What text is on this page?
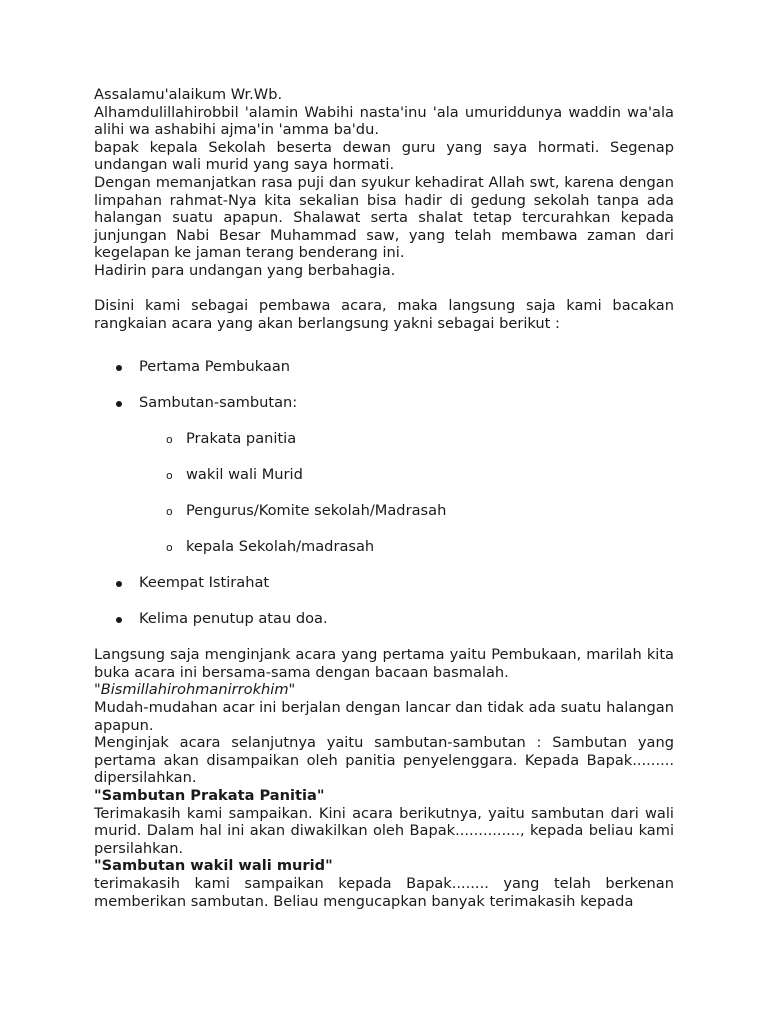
Assalamu'alaikum Wr.Wb.

Alhamdulillahirobbil 'alamin Wabihi nasta'inu 'ala umuriddunya waddin wa'ala alihi wa ashabihi ajma'in 'amma ba'du.

bapak kepala Sekolah beserta dewan guru yang saya hormati. Segenap undangan wali murid yang saya hormati.

Dengan memanjatkan rasa puji dan syukur kehadirat Allah swt, karena dengan limpahan rahmat-Nya kita sekalian bisa hadir di gedung sekolah tanpa ada halangan suatu apapun. Shalawat serta shalat tetap tercurahkan kepada junjungan Nabi Besar Muhammad saw, yang telah membawa zaman dari kegelapan ke jaman terang benderang ini.

Hadirin para undangan yang berbahagia.

Disini kami sebagai pembawa acara, maka langsung saja kami bacakan rangkaian acara yang akan berlangsung yakni sebagai berikut :

Pertama Pembukaan
Sambutan-sambutan:
o Prakata panitia
o wakil wali Murid
o Pengurus/Komite sekolah/Madrasah
o kepala Sekolah/madrasah
Keempat Istirahat
Kelima penutup atau doa.

Langsung saja menginjank acara yang pertama yaitu Pembukaan, marilah kita buka acara ini bersama-sama dengan bacaan basmalah.

"Bismillahirohmanirrokhim"

Mudah-mudahan acar ini berjalan dengan lancar dan tidak ada suatu halangan apapun.

Menginjak acara selanjutnya yaitu sambutan-sambutan : Sambutan yang pertama akan disampaikan oleh panitia penyelenggara. Kepada Bapak......... dipersilahkan.

"Sambutan Prakata Panitia"

Terimakasih kami sampaikan. Kini acara berikutnya, yaitu sambutan dari wali murid. Dalam hal ini akan diwakilkan oleh Bapak.............., kepada beliau kami persilahkan.

"Sambutan wakil wali murid"

terimakasih kami sampaikan kepada Bapak........ yang telah berkenan memberikan sambutan. Beliau mengucapkan banyak terimakasih kepada
